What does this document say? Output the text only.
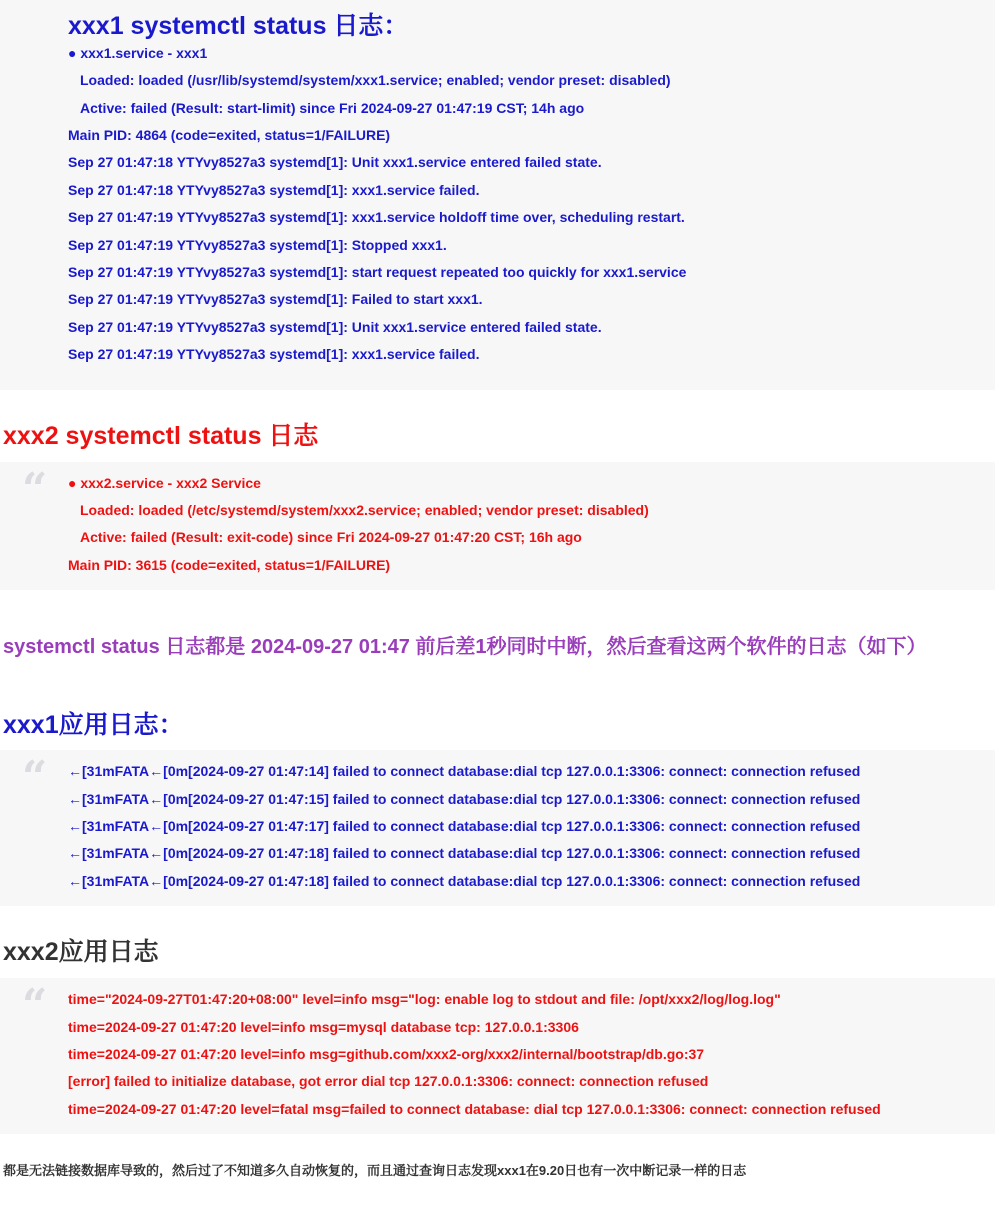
xxx1 systemctl status 日志：
● xxx1.service - xxx1
Loaded: loaded (/usr/lib/systemd/system/xxx1.service; enabled; vendor preset: disabled)
Active: failed (Result: start-limit) since Fri 2024-09-27 01:47:19 CST; 14h ago
Main PID: 4864 (code=exited, status=1/FAILURE)
Sep 27 01:47:18 YTYvy8527a3 systemd[1]: Unit xxx1.service entered failed state.
Sep 27 01:47:18 YTYvy8527a3 systemd[1]: xxx1.service failed.
Sep 27 01:47:19 YTYvy8527a3 systemd[1]: xxx1.service holdoff time over, scheduling restart.
Sep 27 01:47:19 YTYvy8527a3 systemd[1]: Stopped xxx1.
Sep 27 01:47:19 YTYvy8527a3 systemd[1]: start request repeated too quickly for xxx1.service
Sep 27 01:47:19 YTYvy8527a3 systemd[1]: Failed to start xxx1.
Sep 27 01:47:19 YTYvy8527a3 systemd[1]: Unit xxx1.service entered failed state.
Sep 27 01:47:19 YTYvy8527a3 systemd[1]: xxx1.service failed.
xxx2 systemctl status 日志
“ ● xxx2.service - xxx2 Service
Loaded: loaded (/etc/systemd/system/xxx2.service; enabled; vendor preset: disabled)
Active: failed (Result: exit-code) since Fri 2024-09-27 01:47:20 CST; 16h ago
Main PID: 3615 (code=exited, status=1/FAILURE)
systemctl status 日志都是 2024-09-27 01:47 前后差1秒同时中断，然后查看这两个软件的日志（如下）
xxx1应用日志：
“ ←[31mFATA←[0m[2024-09-27 01:47:14] failed to connect database:dial tcp 127.0.0.1:3306: connect: connection refused
←[31mFATA←[0m[2024-09-27 01:47:15] failed to connect database:dial tcp 127.0.0.1:3306: connect: connection refused
←[31mFATA←[0m[2024-09-27 01:47:17] failed to connect database:dial tcp 127.0.0.1:3306: connect: connection refused
←[31mFATA←[0m[2024-09-27 01:47:18] failed to connect database:dial tcp 127.0.0.1:3306: connect: connection refused
←[31mFATA←[0m[2024-09-27 01:47:18] failed to connect database:dial tcp 127.0.0.1:3306: connect: connection refused
xxx2应用日志
“ time="2024-09-27T01:47:20+08:00" level=info msg="log: enable log to stdout and file: /opt/xxx2/log/log.log"
time=2024-09-27 01:47:20 level=info msg=mysql database tcp: 127.0.0.1:3306
time=2024-09-27 01:47:20 level=info msg=github.com/xxx2-org/xxx2/internal/bootstrap/db.go:37
[error] failed to initialize database, got error dial tcp 127.0.0.1:3306: connect: connection refused
time=2024-09-27 01:47:20 level=fatal msg=failed to connect database: dial tcp 127.0.0.1:3306: connect: connection refused
都是无法链接数据库导致的，然后过了不知道多久自动恢复的，而且通过查询日志发现xxx1在9.20日也有一次中断记录一样的日志
